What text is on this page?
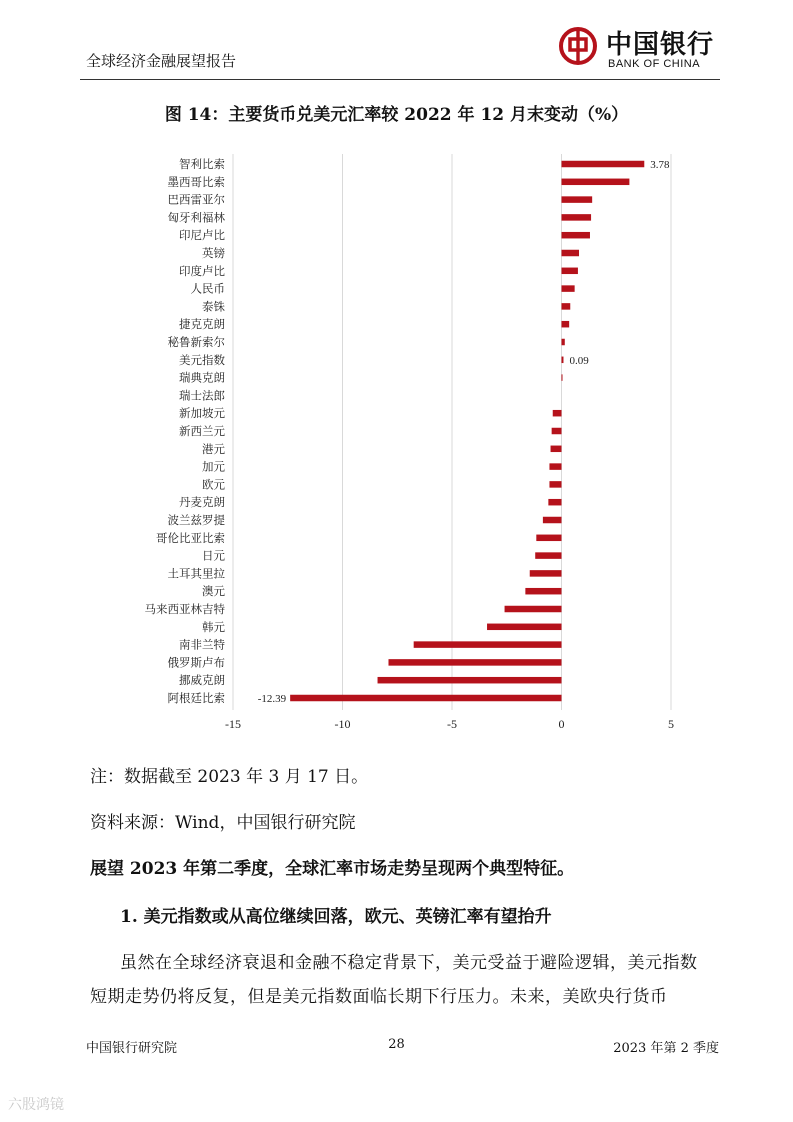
全球经济金融展望报告
中国银行
BANK OF CHINA
图 14：主要货币兑美元汇率较 2022 年 12 月末变动（%）
智利比索	3.78
墨西哥比索
巴西雷亚尔
匈牙利福林
印尼卢比
英镑
印度卢比
人民币
泰铢
捷克克朗
秘鲁新索尔
美元指数	0.09
瑞典克朗
瑞士法郎
新加坡元
新西兰元
港元
加元
欧元
丹麦克朗
波兰兹罗提
哥伦比亚比索
日元
土耳其里拉
澳元
马来西亚林吉特
韩元
南非兰特
俄罗斯卢布
挪威克朗
阿根廷比索	-12.39
-15	-10	-5	0	5
注：数据截至 2023 年 3 月 17 日。
资料来源：Wind，中国银行研究院
展望 2023 年第二季度，全球汇率市场走势呈现两个典型特征。
1. 美元指数或从高位继续回落，欧元、英镑汇率有望抬升
虽然在全球经济衰退和金融不稳定背景下，美元受益于避险逻辑，美元指数短期走势仍将反复，但是美元指数面临长期下行压力。未来，美欧央行货币
中国银行研究院	28	2023 年第 2 季度
六股鸿镜
